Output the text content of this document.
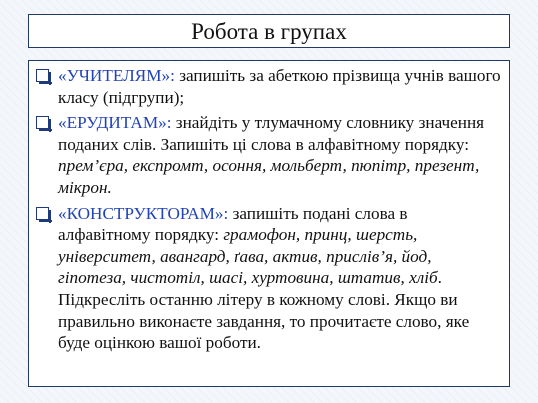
Робота в групах
«УЧИТЕЛЯМ»: запишіть за абеткою прізвища учнів вашого класу (підгрупи);
«ЕРУДИТАМ»: знайдіть у тлумачному словнику значення поданих слів. Запишіть ці слова в алфавітному порядку: прем’єра, експромт, осоння, мольберт, пюпітр, презент, мікрон.
«КОНСТРУКТОРАМ»: запишіть подані слова в алфавітному порядку: грамофон, принц, шерсть, університет, авангард, ґава, актив, прислів’я, йод, гіпотеза, чистотіл, шасі, хуртовина, штатив, хліб. Підкресліть останню літеру в кожному слові. Якщо ви правильно виконаєте завдання, то прочитаєте слово, яке буде оцінкою вашої роботи.
